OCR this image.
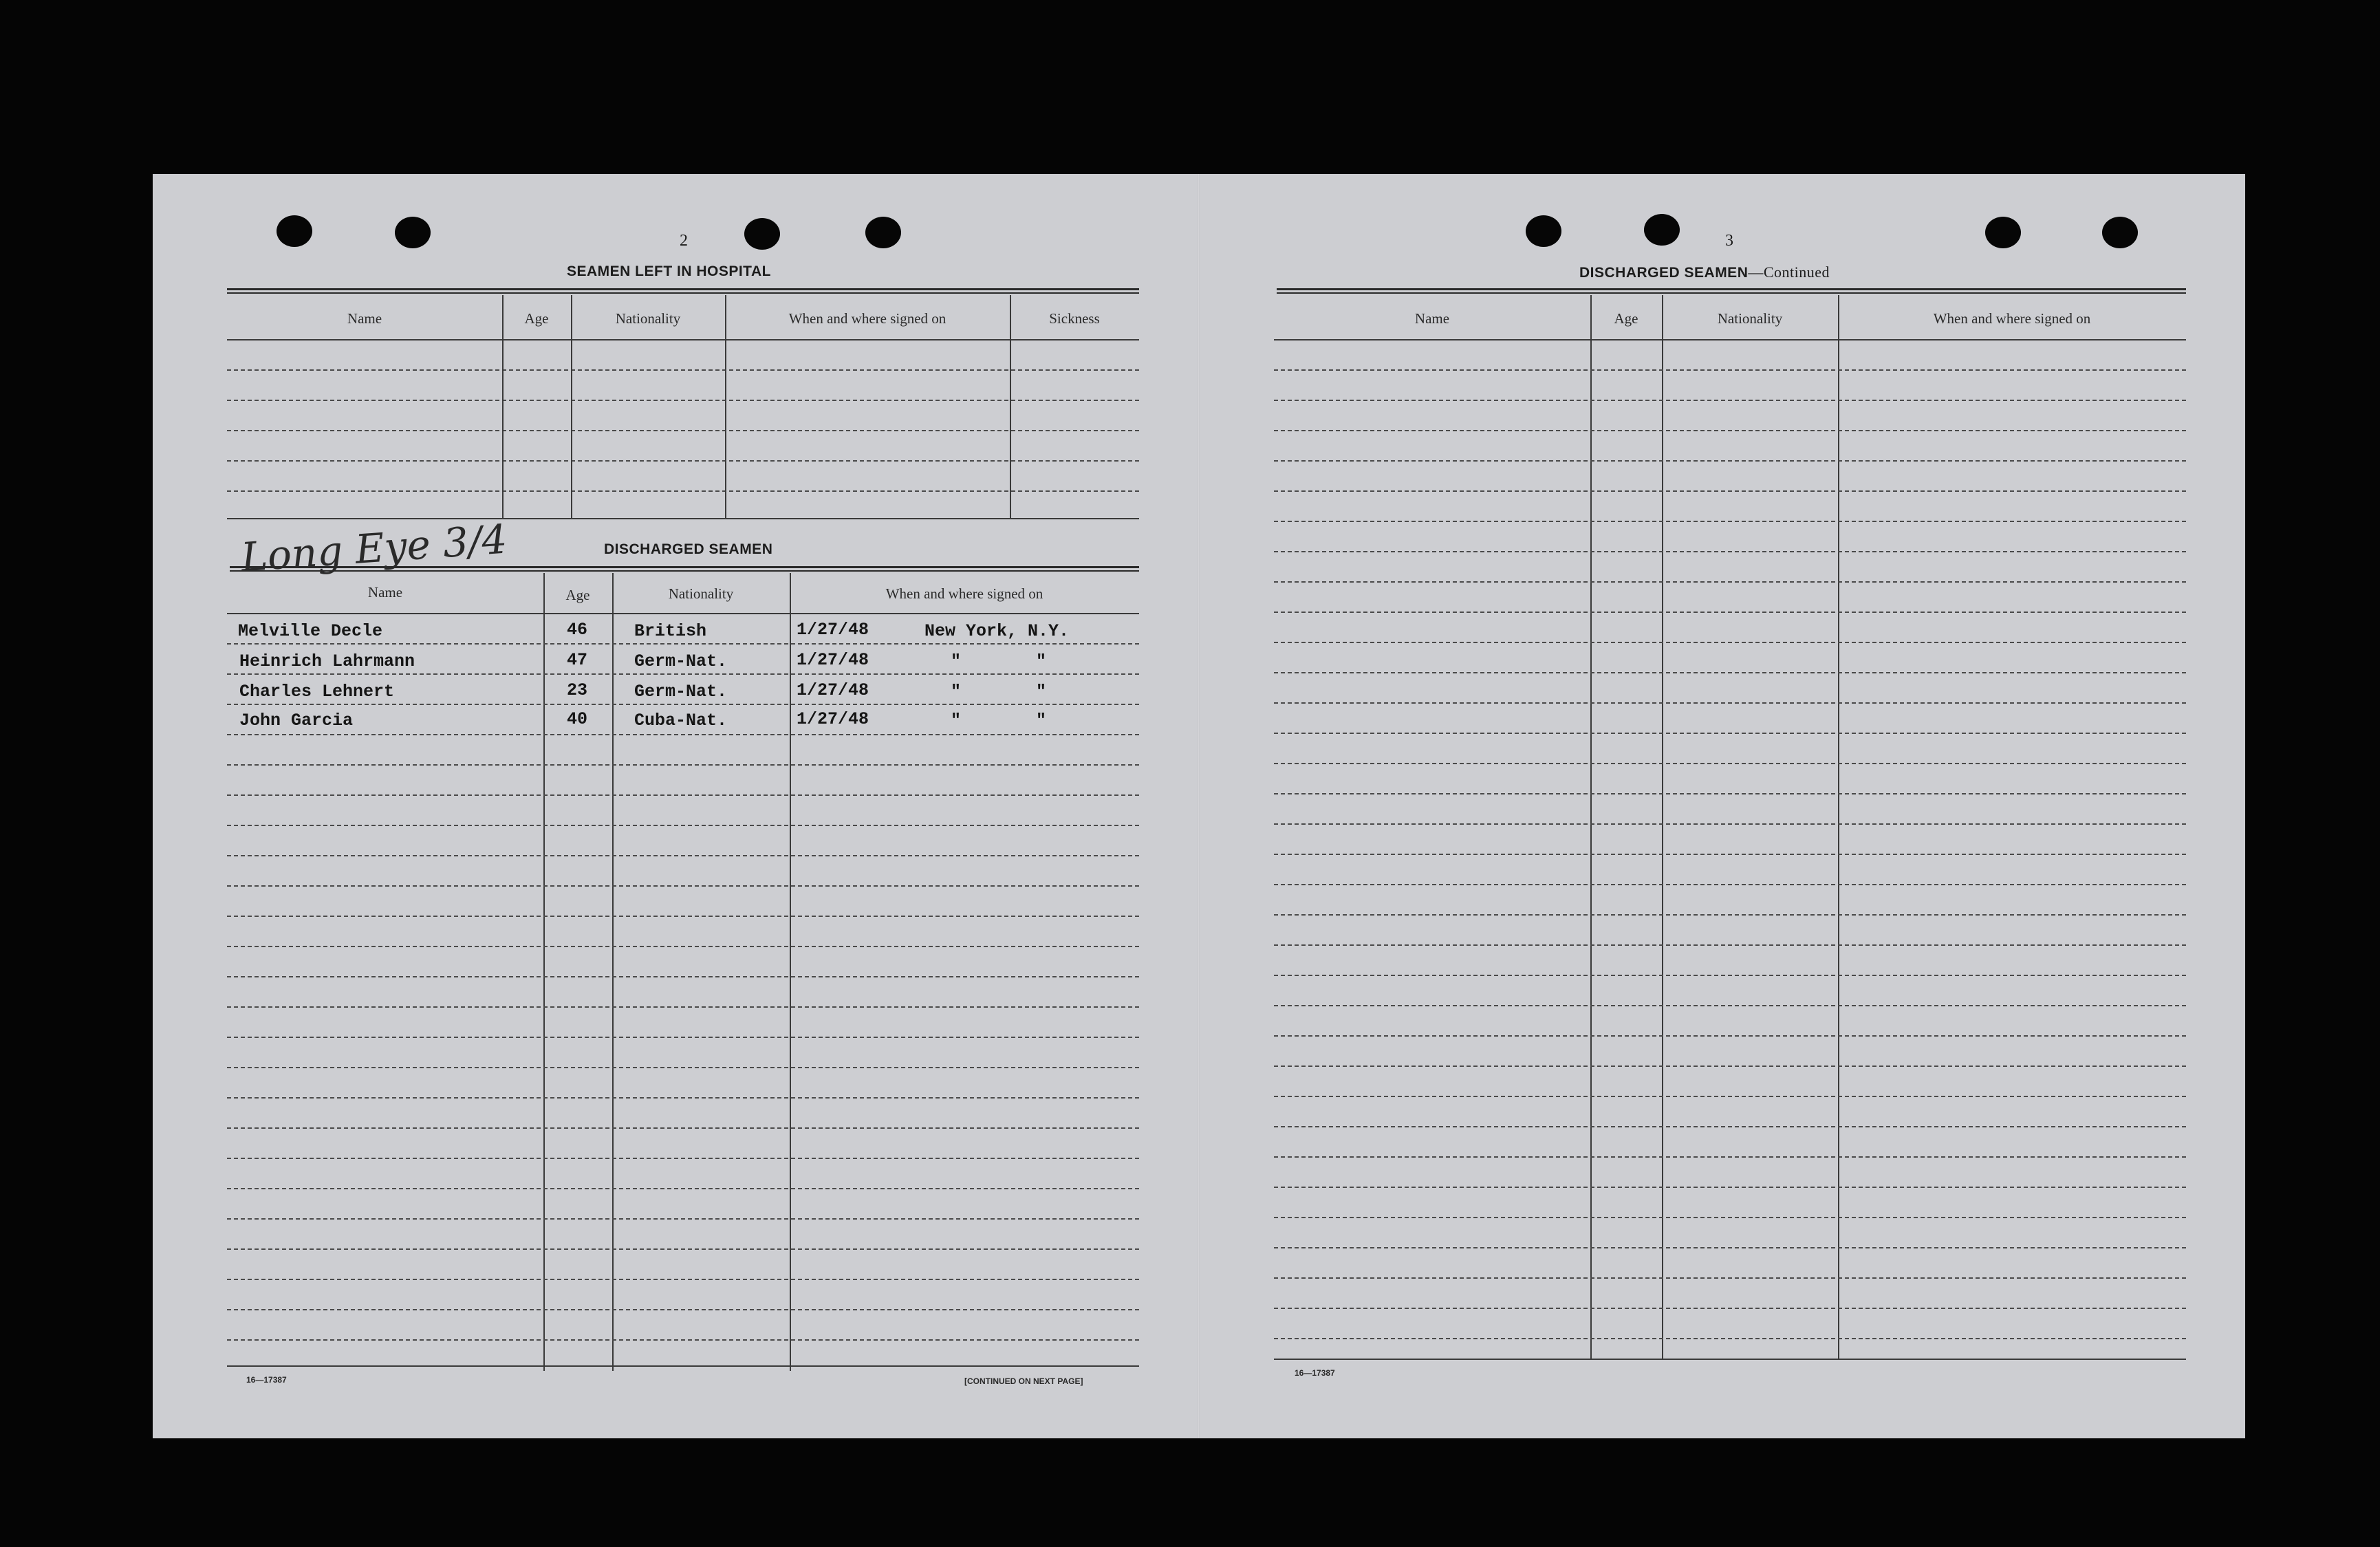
2
SEAMEN LEFT IN HOSPITAL
Name	Age	Nationality	When and where signed on	Sickness
Long Eye 3/4	DISCHARGED SEAMEN
Name	Age	Nationality	When and where signed on
Melville Decle	46	British	1/27/48	New York, N.Y.
Heinrich Lahrmann	47	Germ-Nat.	1/27/48	"	"
Charles Lehnert	23	Germ-Nat.	1/27/48	"	"
John Garcia	40	Cuba-Nat.	1/27/48	"	"
16—17387	[CONTINUED ON NEXT PAGE]
3
DISCHARGED SEAMEN—Continued
Name	Age	Nationality	When and where signed on
16—17387
